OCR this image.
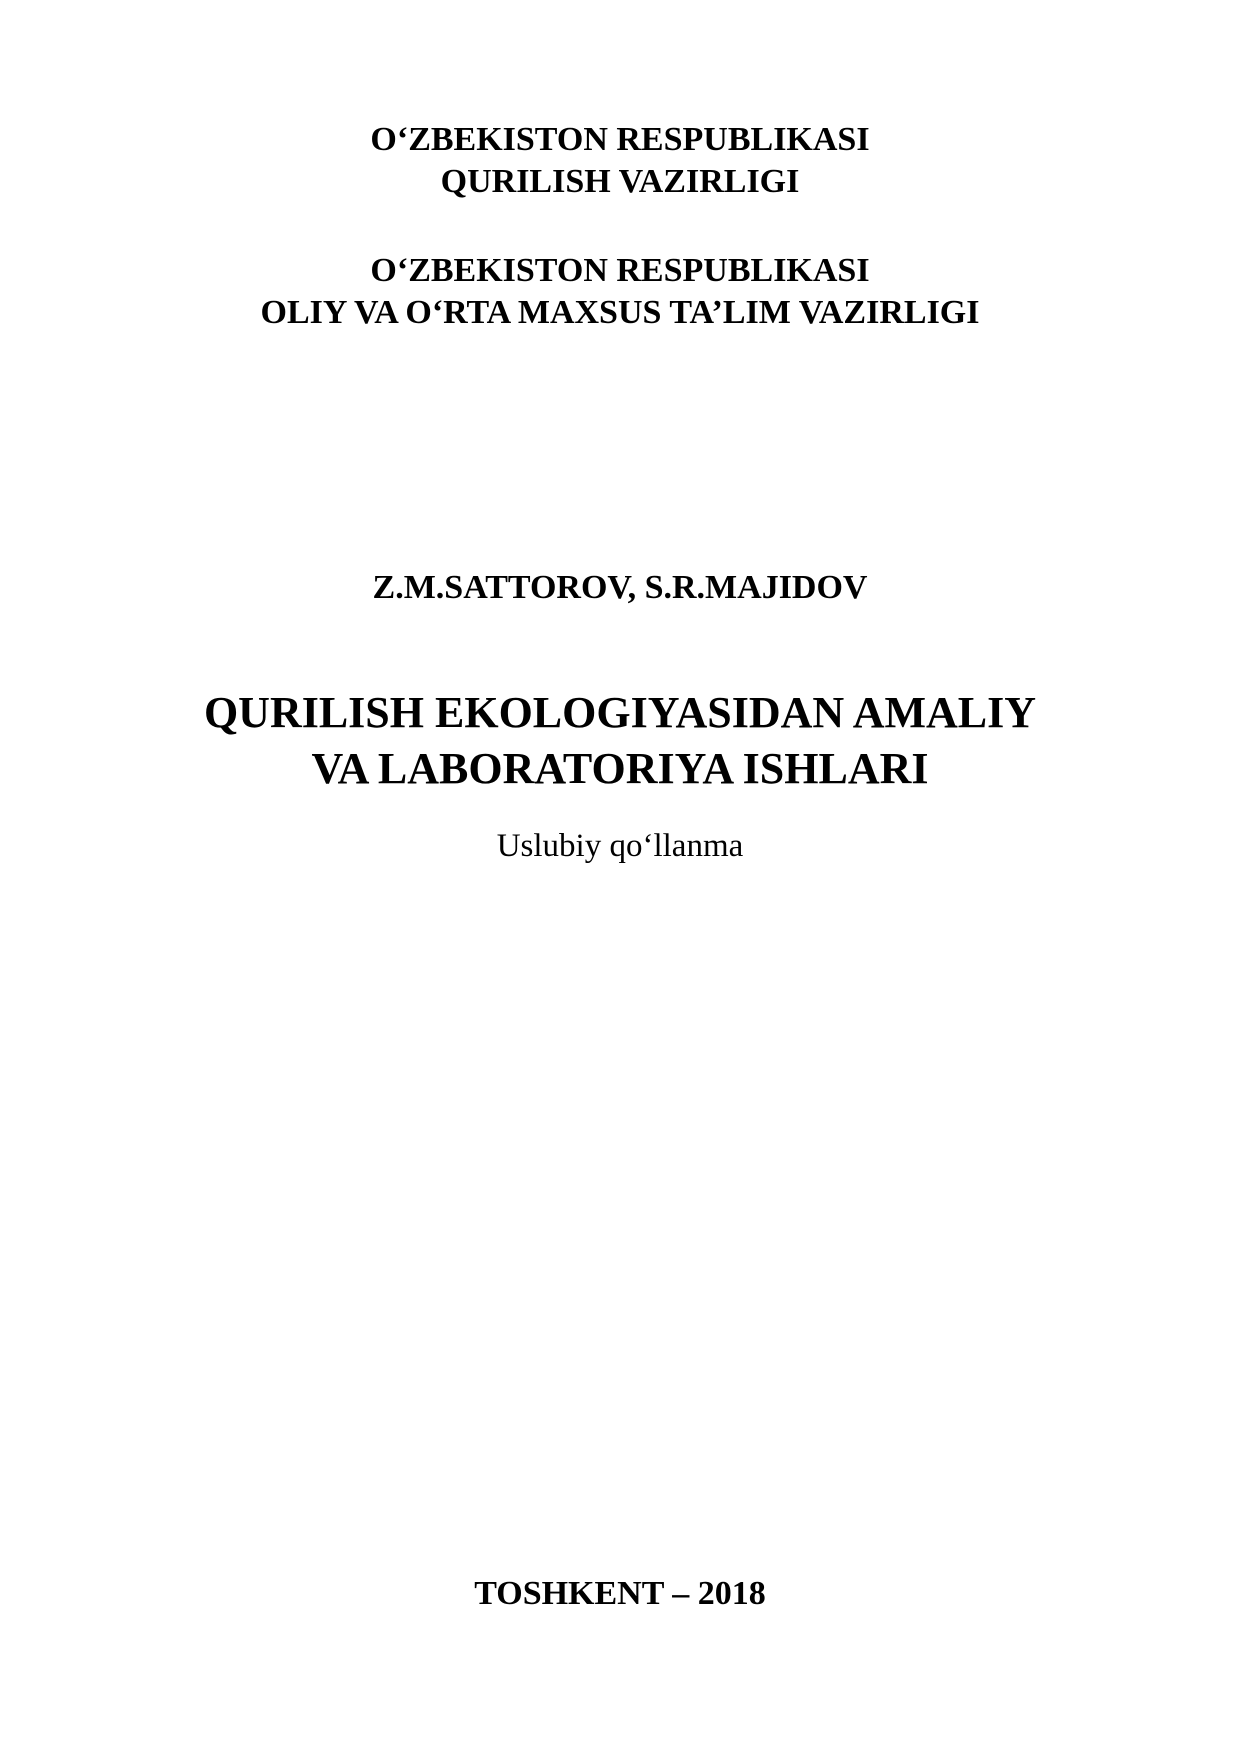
O‘ZBEKISTON RESPUBLIKASI
QURILISH VAZIRLIGI
O‘ZBEKISTON RESPUBLIKASI
OLIY VA O‘RTA MAXSUS TA’LIM VAZIRLIGI
Z.M.SATTOROV, S.R.MAJIDOV
QURILISH EKOLOGIYASIDAN AMALIY
VA LABORATORIYA ISHLARI
Uslubiy qo‘llanma
TOSHKENT – 2018
